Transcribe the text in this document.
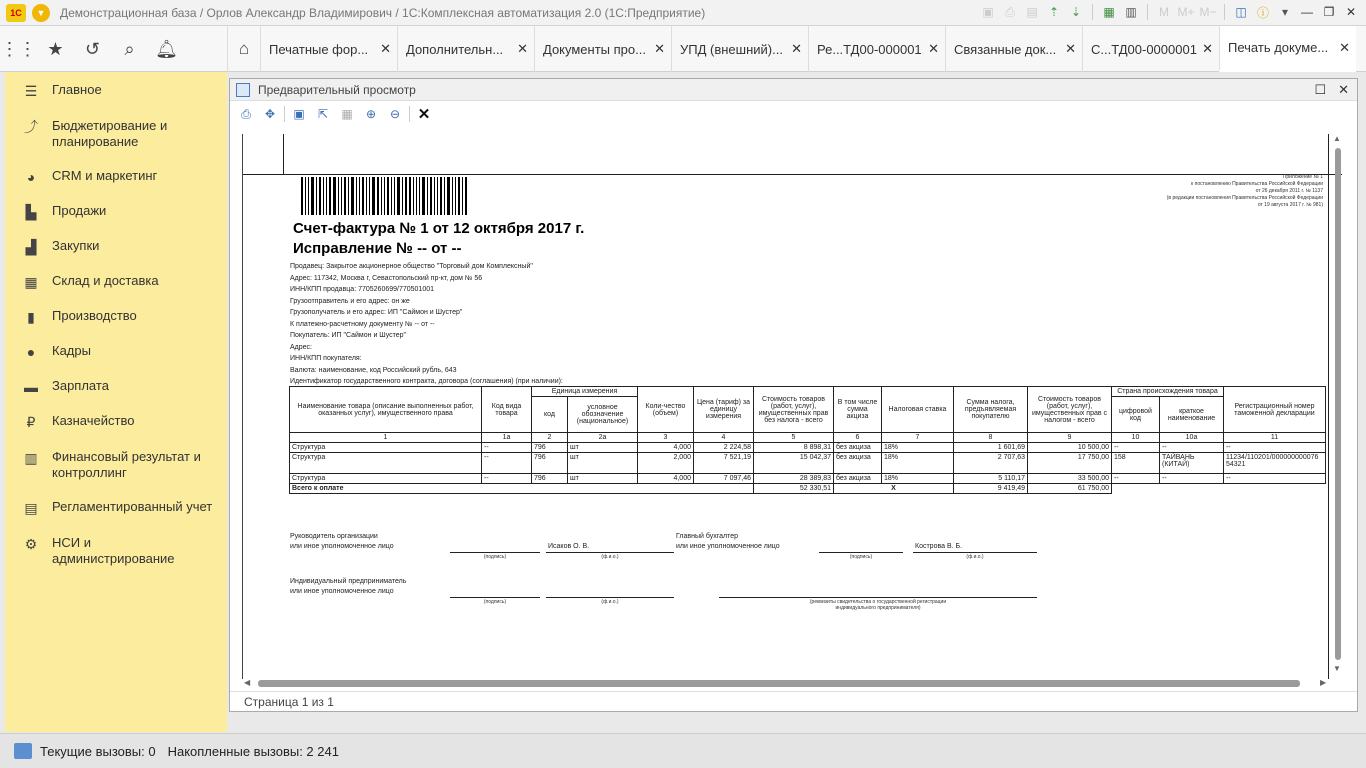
1С	▼	Демонстрационная база / Орлов Александр Владимирович / 1С:Комплексная автоматизация 2.0 (1С:Предприятие)	▣ ⎙ ▤ ⇡ ⇣	▦ ▥	M M+ M− ◫ ⓘ	▾	— ❐ ✕
⋮⋮ ★	↺	⌕	🔔︎	⌂	Печатные фор... ✕ Дополнительн...	✕ Документы про... ✕ УПД (внешний)... ✕ Ре...ТД00-000001 ✕ Связанные док... ✕ С...ТД00-0000001 ✕ Печать докуме... ✕
☰ Главное
⤴ Бюджетирование и планирование
◕ CRM и маркетинг
▙ Продажи
▟ Закупки
▦ Склад и доставка
▮	Производство
● Кадры
▬ Зарплата
₽ Казначейство
▥ Финансовый результат и контроллинг
▤ Регламентированный учет
⚙ НСИ и администрирование
Предварительный просмотр	☐ ✕
⎙	✥	▣	⇱	▦	⊕	⊖	✕
Приложение № 1
к постановлению Правительства Российской Федерации
от 26 декабря 2011 г. № 1137
(в редакции постановления Правительства Российской Федерации
от 19 августа 2017 г. № 981)
Счет-фактура № 1 от 12 октября 2017 г.
Исправление № -- от --
Продавец: Закрытое акционерное общество "Торговый дом Комплексный"
Адрес: 117342, Москва г, Севастопольский пр-кт, дом № 56
ИНН/КПП продавца: 7705260699/770501001
Грузоотправитель и его адрес: он же
Грузополучатель и его адрес: ИП "Саймон и Шустер"
К платежно-расчетному документу № -- от --
Покупатель: ИП "Саймон и Шустер"
Адрес:
ИНН/КПП покупателя:
Валюта: наименование, код Российский рубль, 643
Идентификатор государственного контракта, договора (соглашения) (при наличии):
Наименование товара (описание выполненных работ, оказанных услуг), имущественного права	Код вида товара	Единица измерения		Коли-чество (объем)	Цена (тариф) за единицу измерения	Стоимость товаров (работ, услуг), имущественных прав без налога - всего	В том числе сумма акциза	Налоговая ставка	Сумма налога, предъявляемая покупателю	Стоимость товаров (работ, услуг), имущественных прав с налогом - всего	Страна происхождения товара		Регистрационный номер таможенной декларации
		код	условное обозначение (национальное)								цифровой код	краткое наименование	
1	1а	2	2а	3	4	5	6	7	8	9	10	10а	11
Структура	--	796	шт	4,000	2 224,58	8 898,31	без акциза	18%	1 601,69	10 500,00	--	--	--
Структура	--	796	шт	2,000	7 521,19	15 042,37	без акциза	18%	2 707,63	17 750,00	158	ТАЙВАНЬ (КИТАЙ)	11234/110201/000000000076 54321
Структура	--	796	шт	4,000	7 097,46	28 389,83	без акциза	18%	5 110,17	33 500,00	--	--	--
Всего к оплате						52 330,51	X		9 419,49	61 750,00			
Руководитель организации
или иное уполномоченное лицо
(подпись)
Исаков О. В.
(ф.и.о.)
Главный бухгалтер
или иное уполномоченное лицо
(подпись)
Кострова В. Б.
(ф.и.о.)
Индивидуальный предприниматель
или иное уполномоченное лицо
(подпись)	(ф.и.о.)	(реквизиты свидетельства о государственной регистрации индивидуального предпринимателя)
▲
▼
◀	▶
Страница 1 из 1
Текущие вызовы: 0 Накопленные вызовы: 2 241
